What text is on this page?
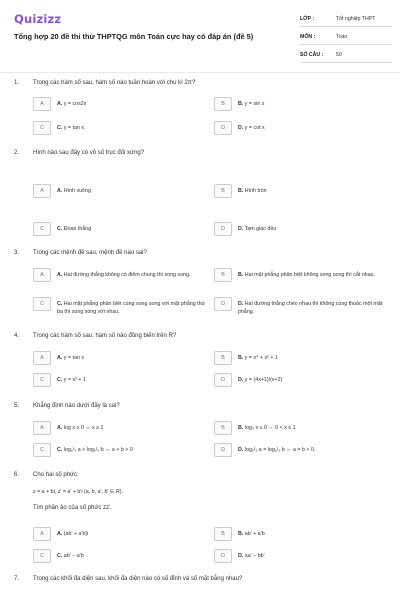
Quizizz
Tổng hợp 20 đề thi thử THPTQG môn Toán cực hay có đáp án (đề 5)
LỚP :	Tốt nghiệp THPT
MÔN :	Toán
SỐ CÂU :	50
1. Trong các hàm số sau, hàm số nào tuần hoàn với chu kì 2π?
A	A. y = cos2x	B	B. y = sin x
C	C. y = tan x	D	D. y = cot x
2. Hình nào sau đây có vô số trục đối xứng?
A	A. Hình vuông	B	B. Hình tròn
C	C. Đoạn thẳng	D	D. Tam giác đều
3. Trong các mệnh đề sau, mệnh đề nào sai?
A	A. Hai đường thẳng không có điểm chung thì song song.	B	B. Hai mặt phẳng phân biệt không song song thì cắt nhau.
C	C. Hai mặt phẳng phân biệt cùng song song với mặt phẳng thứ ba thì song song với nhau.
D	D. Hai đường thẳng chéo nhau thì không cùng thuộc một mặt phẳng.
4. Trong các hàm số sau, hàm số nào đồng biến trên R?
A	A. y = tan x	B	B. y = x⁴ + x² + 1
C	C. y = x³ + 1	D	D. y = (4x+1)/(x+2)
5. Khẳng định nào dưới đây là sai?
A	A. log x ≥ 0 ⇔ x ≥ 1	B	B. log₃ x ≤ 0 ⇔ 0 < x ≤ 1
C	C. log₁/₃ a > log₁/₃ b ⇔ a > b > 0	D	D. log₁/₃ a = log₁/₃ b ⇔ a = b > 0.
6. Cho hai số phức:
z = a + bi, z' = a' + b'i (a, b, a', b' ∈ R).
Tìm phần ảo của số phức zz'.
A	A. (ab' + a'b)i	B	B. ab' + a'b
C	C. ab' − a'b	D	D. aa' − bb'
7. Trong các khối đa diện sau, khối đa diện nào có số đỉnh và số mặt bằng nhau?
